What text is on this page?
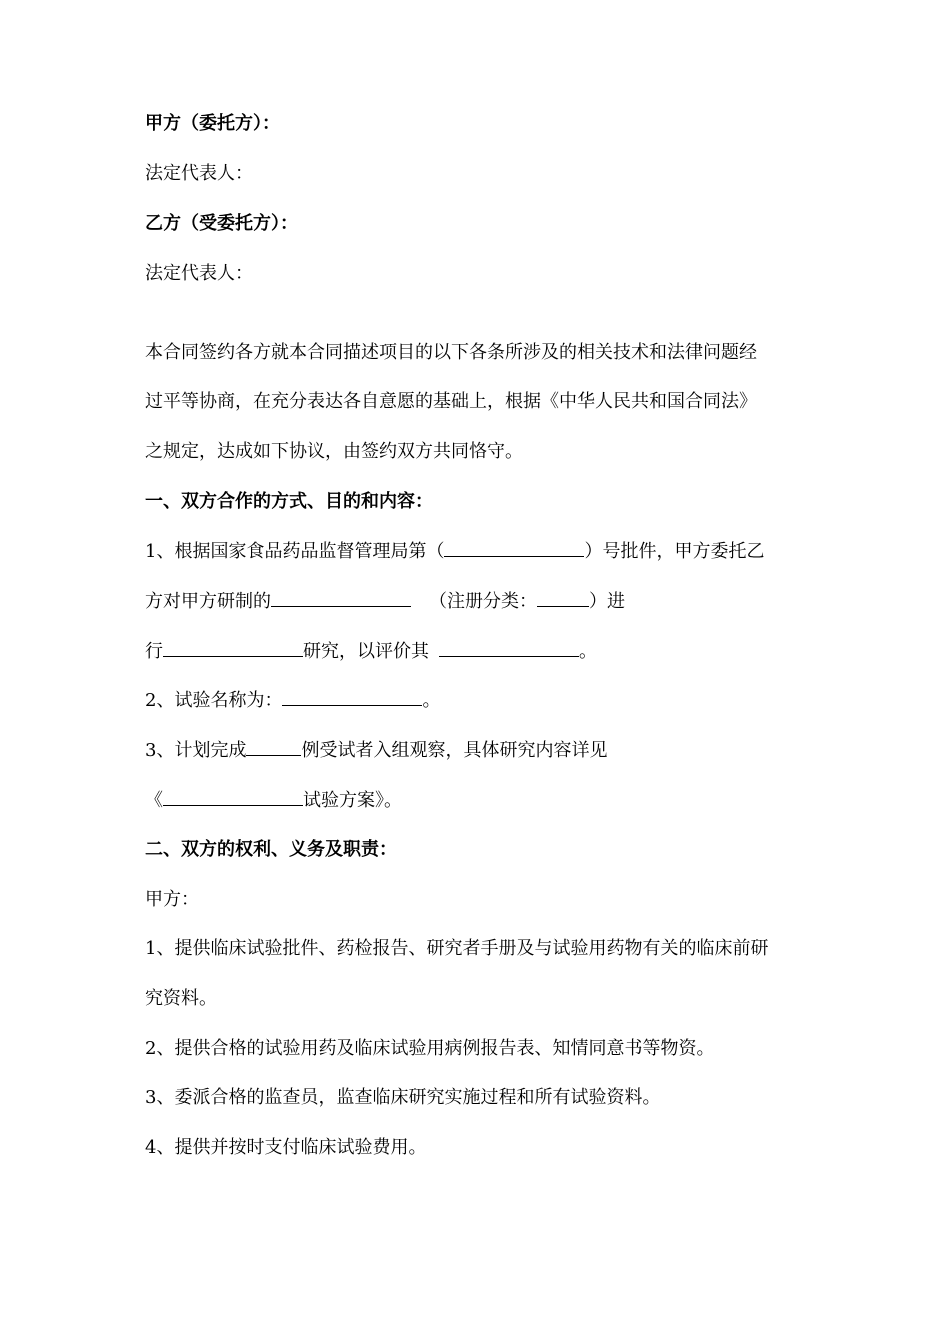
甲方（委托方）：
法定代表人：
乙方（受委托方）：
法定代表人：
本合同签约各方就本合同描述项目的以下各条所涉及的相关技术和法律问题经
过平等协商，在充分表达各自意愿的基础上，根据《中华人民共和国合同法》
之规定，达成如下协议，由签约双方共同恪守。
一、双方合作的方式、目的和内容：
1、根据国家食品药品监督管理局第（	）号批件，甲方委托乙
方对甲方研制的	（注册分类：	）进
行	研究，以评价其	。
2、试验名称为：	。
3、计划完成	例受试者入组观察，具体研究内容详见
《	试验方案》。
二、双方的权利、义务及职责：
甲方：
1、提供临床试验批件、药检报告、研究者手册及与试验用药物有关的临床前研
究资料。
2、提供合格的试验用药及临床试验用病例报告表、知情同意书等物资。
3、委派合格的监查员，监查临床研究实施过程和所有试验资料。
4、提供并按时支付临床试验费用。
